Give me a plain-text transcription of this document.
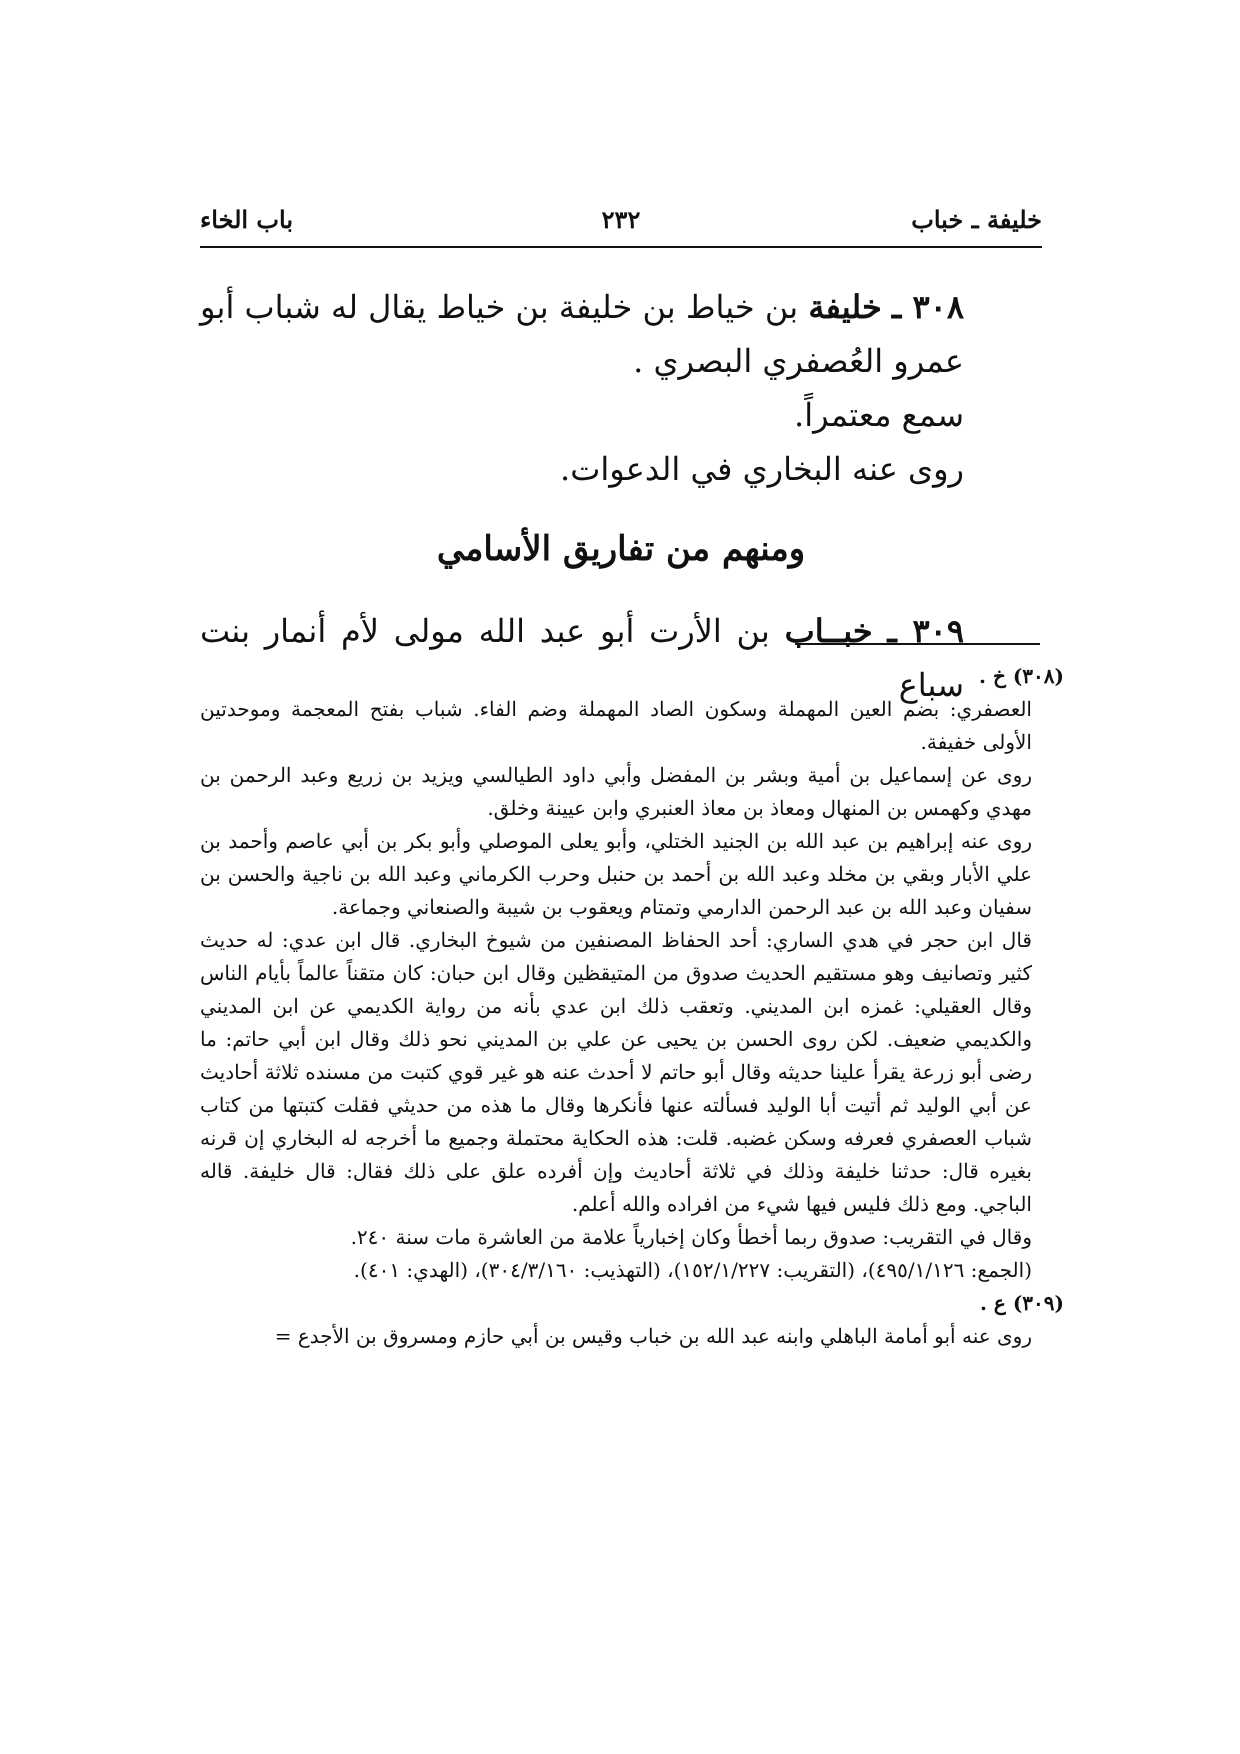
خليفة ـ خباب
٢٣٢
باب الخاء

٣٠٨ ـ خليفة بن خياط بن خليفة بن خياط يقال له شباب أبو عمرو العُصفري البصري .

سمع معتمراً.

روى عنه البخاري في الدعوات.

ومنهم من تفاريق الأسامي

٣٠٩ ـ خبــاب بن الأرت أبو عبد الله مولى لأم أنمار بنت سباع (٣٠٨) خ .

العصفري: بضم العين المهملة وسكون الصاد المهملة وضم الفاء. شباب بفتح المعجمة وموحدتين الأولى خفيفة.

روى عن إسماعيل بن أمية وبشر بن المفضل وأبي داود الطيالسي ويزيد بن زريع وعبد الرحمن بن مهدي وكهمس بن المنهال ومعاذ بن معاذ العنبري وابن عيينة وخلق.

روى عنه إبراهيم بن عبد الله بن الجنيد الختلي، وأبو يعلى الموصلي وأبو بكر بن أبي عاصم وأحمد بن علي الأبار وبقي بن مخلد وعبد الله بن أحمد بن حنبل وحرب الكرماني وعبد الله بن ناجية والحسن بن سفيان وعبد الله بن عبد الرحمن الدارمي وتمتام ويعقوب بن شيبة والصنعاني وجماعة.

قال ابن حجر في هدي الساري: أحد الحفاظ المصنفين من شيوخ البخاري. قال ابن عدي: له حديث كثير وتصانيف وهو مستقيم الحديث صدوق من المتيقظين وقال ابن حبان: كان متقناً عالماً بأيام الناس وقال العقيلي: غمزه ابن المديني. وتعقب ذلك ابن عدي بأنه من رواية الكديمي عن ابن المديني والكديمي ضعيف. لكن روى الحسن بن يحيى عن علي بن المديني نحو ذلك وقال ابن أبي حاتم: ما رضى أبو زرعة يقرأ علينا حديثه وقال أبو حاتم لا أحدث عنه هو غير قوي كتبت من مسنده ثلاثة أحاديث عن أبي الوليد ثم أتيت أبا الوليد فسألته عنها فأنكرها وقال ما هذه من حديثي فقلت كتبتها من كتاب شباب العصفري فعرفه وسكن غضبه. قلت: هذه الحكاية محتملة وجميع ما أخرجه له البخاري إن قرنه بغيره قال: حدثنا خليفة وذلك في ثلاثة أحاديث وإن أفرده علق على ذلك فقال: قال خليفة. قاله الباجي. ومع ذلك فليس فيها شيء من افراده والله أعلم.

وقال في التقريب: صدوق ربما أخطأ وكان إخبارياً علامة من العاشرة مات سنة ٢٤٠.

(الجمع: ٤٩٥/١/١٢٦)، (التقريب: ١٥٢/١/٢٢٧)، (التهذيب: ٣٠٤/٣/١٦٠)، (الهدي: ٤٠١).

(٣٠٩) ع .

روى عنه أبو أمامة الباهلي وابنه عبد الله بن خباب وقيس بن أبي حازم ومسروق بن الأجدع =
